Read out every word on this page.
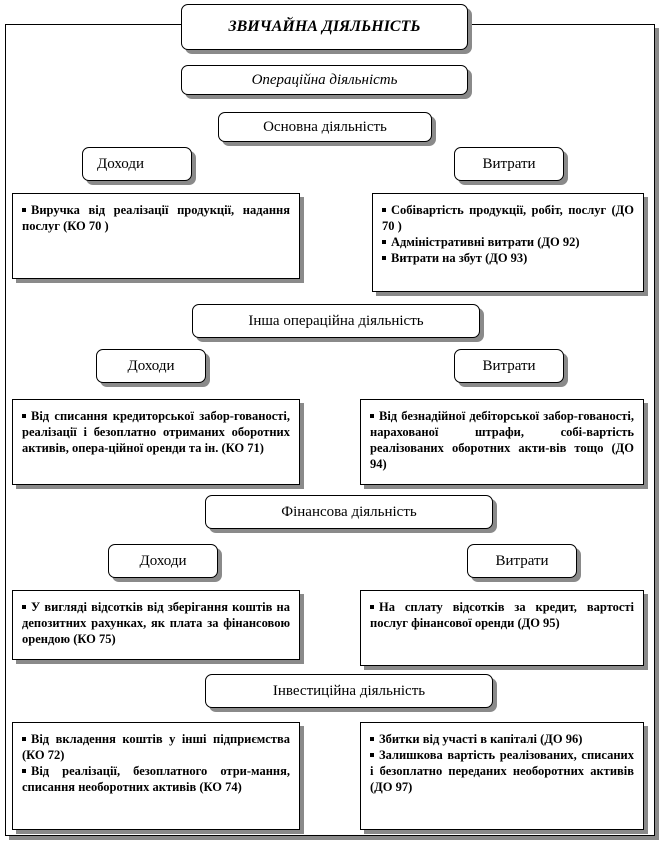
ЗВИЧАЙНА ДІЯЛЬНІСТЬ
Операційна діяльність
Основна діяльність
Доходи	Витрати

Виручка від реалізації продукції, надання послуг (КО 70 )

Собівартість продукції, робіт, послуг (ДО 70 )

Адміністративні витрати (ДО 92)

Витрати на збут (ДО 93)

Інша операційна діяльність
Доходи	Витрати

Від списання кредиторської забор-гованості, реалізації і безоплатно отриманих оборотних активів, опера-ційної оренди та ін. (КО 71)

Від безнадійної дебіторської забор-гованості, нарахованої штрафи, собі-вартість реалізованих оборотних акти-вів тощо (ДО 94)

Фінансова діяльність
Доходи	Витрати

У вигляді відсотків від зберігання коштів на депозитних рахунках, як плата за фінансовою орендою (КО 75)

На сплату відсотків за кредит, вартості послуг фінансової оренди (ДО 95)

Інвестиційна діяльність

Від вкладення коштів у інші підприємства (КО 72)

Від реалізації, безоплатного отри-мання, списання необоротних активів (КО 74)

Збитки від участі в капіталі (ДО 96)

Залишкова вартість реалізованих, списаних і безоплатно переданих необоротних активів (ДО 97)
